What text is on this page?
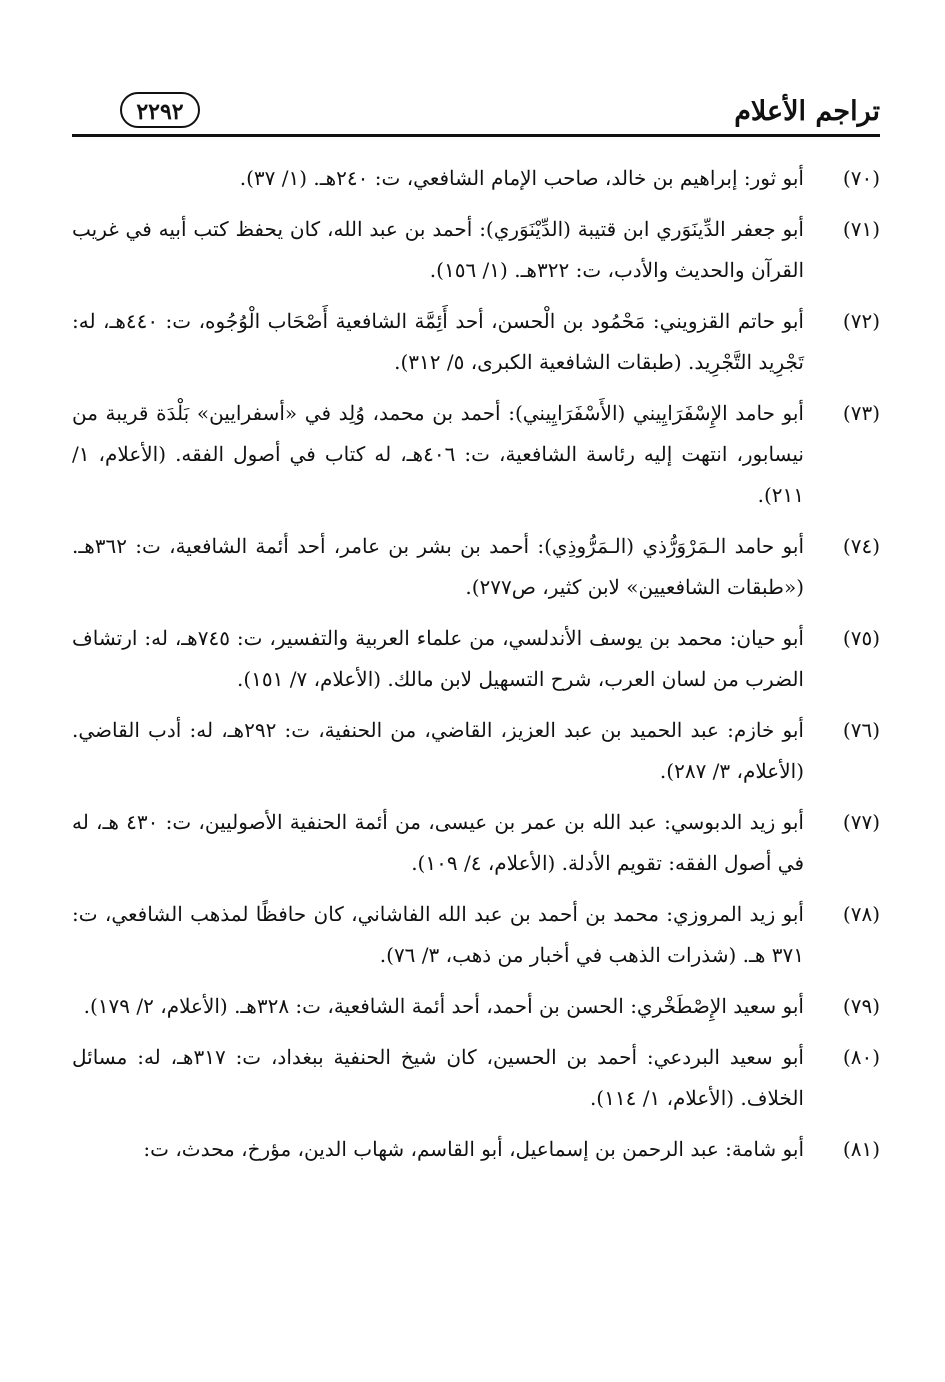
تراجم الأعلام
٢٢٩٢
(٧٠)
أبو ثور: إبراهيم بن خالد، صاحب الإمام الشافعي، ت: ٢٤٠هـ. (١/ ٣٧).
(٧١)
أبو جعفر الدِّينَوَري ابن قتيبة (الدِّيْنَوَري): أحمد بن عبد الله، كان يحفظ كتب أبيه في غريب القرآن والحديث والأدب، ت: ٣٢٢هـ. (١/ ١٥٦).
(٧٢)
أبو حاتم القزويني: مَحْمُود بن الْحسن، أحد أَئِمَّة الشافعية أَصْحَاب الْوُجُوه، ت: ٤٤٠هـ، له: تَجْرِيد التَّجْرِيد. (طبقات الشافعية الكبرى، ٥/ ٣١٢).
(٧٣)
أبو حامد الإِسْفَرَايِيني (الأَسْفَرَايِيني): أحمد بن محمد، وُلِد في «أسفرايين» بَلْدَة قريبة من نيسابور، انتهت إليه رئاسة الشافعية، ت: ٤٠٦هـ، له كتاب في أصول الفقه. (الأعلام، ١/ ٢١١).
(٧٤)
أبو حامد الـمَرْوَرُّذي (الـمَرُّوذِي): أحمد بن بشر بن عامر، أحد أئمة الشافعية، ت: ٣٦٢هـ. («طبقات الشافعيين» لابن كثير، ص٢٧٧).
(٧٥)
أبو حيان: محمد بن يوسف الأندلسي، من علماء العربية والتفسير، ت: ٧٤٥هـ، له: ارتشاف الضرب من لسان العرب، شرح التسهيل لابن مالك. (الأعلام، ٧/ ١٥١).
(٧٦)
أبو خازم: عبد الحميد بن عبد العزيز، القاضي، من الحنفية، ت: ٢٩٢هـ، له: أدب القاضي. (الأعلام، ٣/ ٢٨٧).
(٧٧)
أبو زيد الدبوسي: عبد الله بن عمر بن عيسى، من أئمة الحنفية الأصوليين، ت: ٤٣٠ هـ، له في أصول الفقه: تقويم الأدلة. (الأعلام، ٤/ ١٠٩).
(٧٨)
أبو زيد المروزي: محمد بن أحمد بن عبد الله الفاشاني، كان حافظًا لمذهب الشافعي، ت: ٣٧١ هـ. (شذرات الذهب في أخبار من ذهب، ٣/ ٧٦).
(٧٩)
أبو سعيد الإِصْطَخْري: الحسن بن أحمد، أحد أئمة الشافعية، ت: ٣٢٨هـ. (الأعلام، ٢/ ١٧٩).
(٨٠)
أبو سعيد البردعي: أحمد بن الحسين، كان شيخ الحنفية ببغداد، ت: ٣١٧هـ، له: مسائل الخلاف. (الأعلام، ١/ ١١٤).
(٨١)
أبو شامة: عبد الرحمن بن إسماعيل، أبو القاسم، شهاب الدين، مؤرخ، محدث، ت:
